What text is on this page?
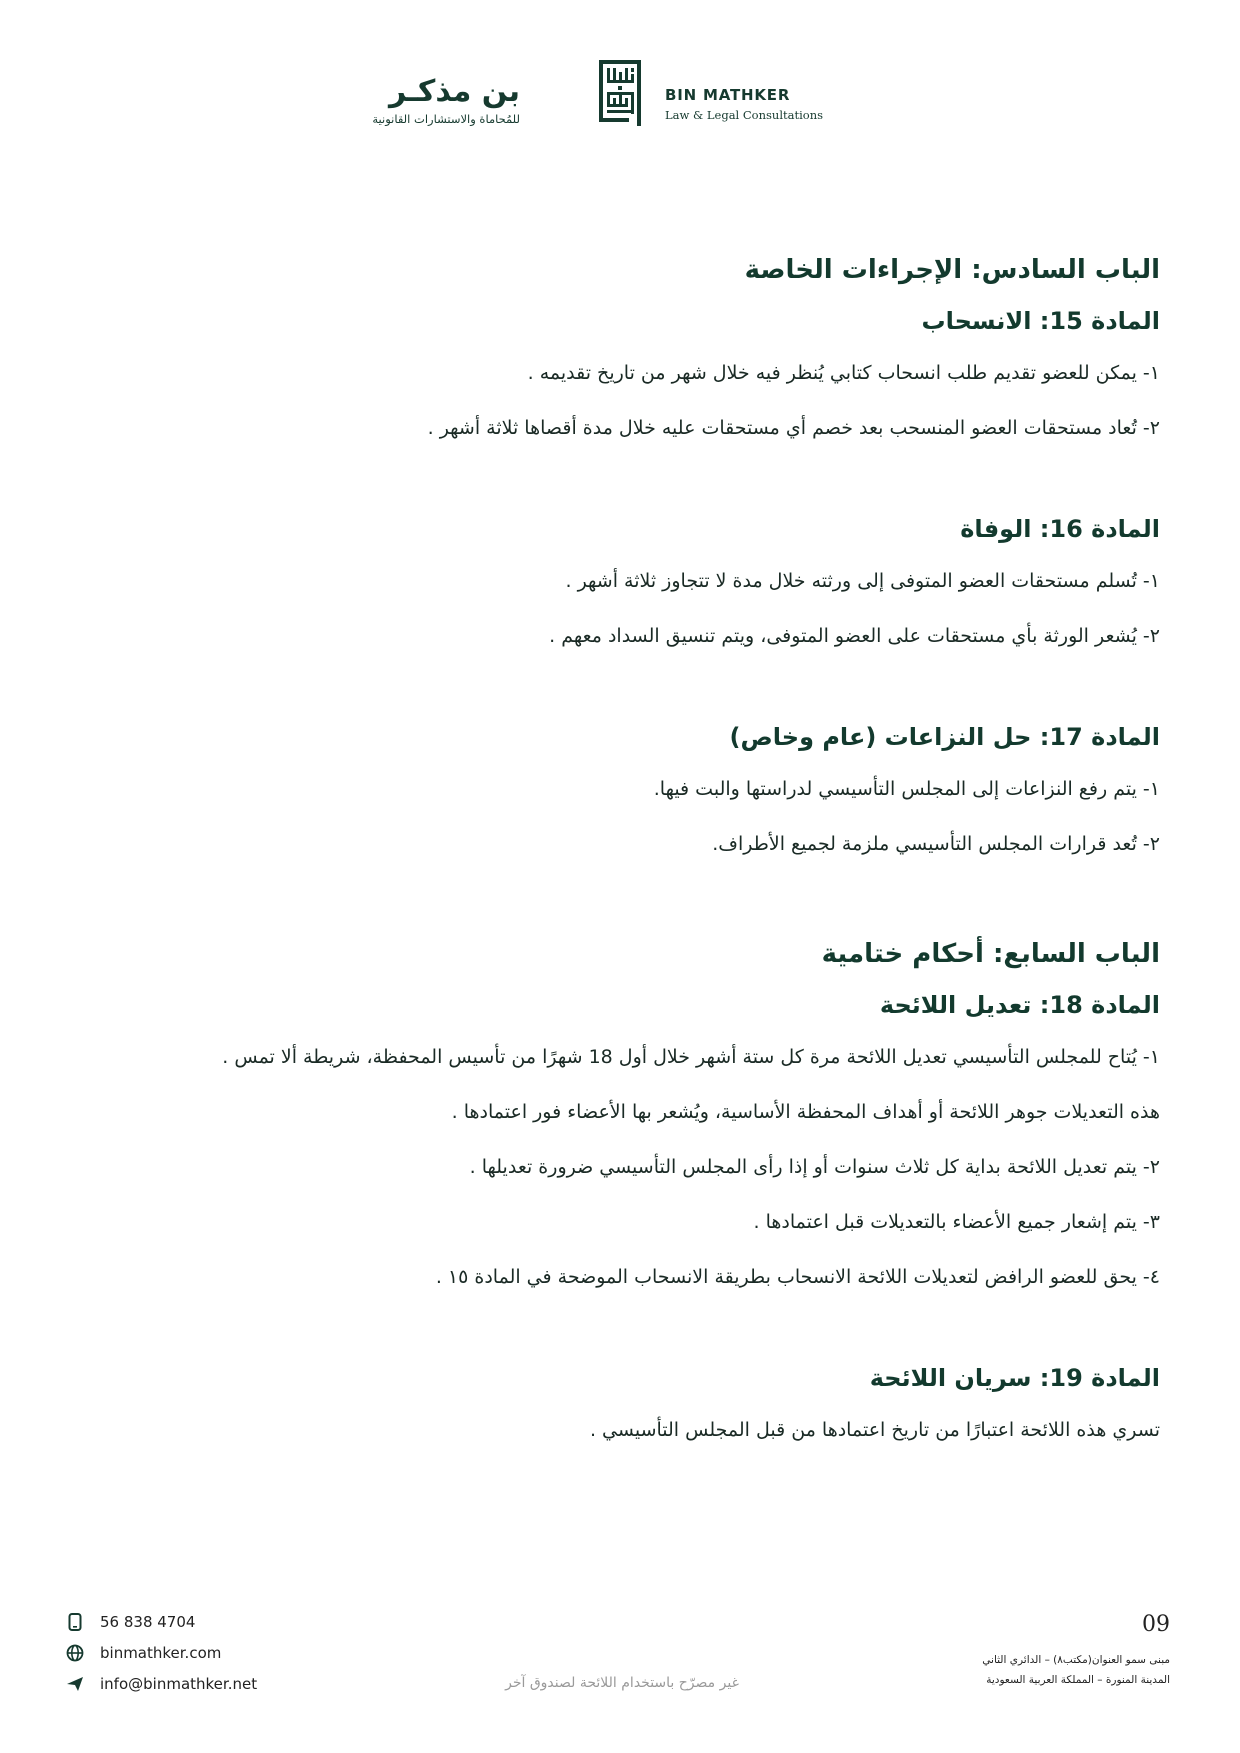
بن مذكـر
للمُحاماة والاستشارات القانونية
BIN MATHKER
Law & Legal Consultations
الباب السادس: الإجراءات الخاصة
المادة 15: الانسحاب

١- يمكن للعضو تقديم طلب انسحاب كتابي يُنظر فيه خلال شهر من تاريخ تقديمه .

٢- تُعاد مستحقات العضو المنسحب بعد خصم أي مستحقات عليه خلال مدة أقصاها ثلاثة أشهر .

المادة 16: الوفاة

١- تُسلم مستحقات العضو المتوفى إلى ورثته خلال مدة لا تتجاوز ثلاثة أشهر .

٢- يُشعر الورثة بأي مستحقات على العضو المتوفى، ويتم تنسيق السداد معهم .

المادة 17: حل النزاعات (عام وخاص)

١- يتم رفع النزاعات إلى المجلس التأسيسي لدراستها والبت فيها.

٢- تُعد قرارات المجلس التأسيسي ملزمة لجميع الأطراف.

الباب السابع: أحكام ختامية
المادة 18: تعديل اللائحة

١- يُتاح للمجلس التأسيسي تعديل اللائحة مرة كل ستة أشهر خلال أول 18 شهرًا من تأسيس المحفظة، شريطة ألا تمس .

هذه التعديلات جوهر اللائحة أو أهداف المحفظة الأساسية، ويُشعر بها الأعضاء فور اعتمادها .

٢- يتم تعديل اللائحة بداية كل ثلاث سنوات أو إذا رأى المجلس التأسيسي ضرورة تعديلها .

٣- يتم إشعار جميع الأعضاء بالتعديلات قبل اعتمادها .

٤- يحق للعضو الرافض لتعديلات اللائحة الانسحاب بطريقة الانسحاب الموضحة في المادة ١٥ .

المادة 19: سريان اللائحة

تسري هذه اللائحة اعتبارًا من تاريخ اعتمادها من قبل المجلس التأسيسي .

56 838 4704
binmathker.com
info@binmathker.net	غير مصرّح باستخدام اللائحة لصندوق آخر
09
مبنى سمو العنوان(مكتب٨) – الدائري الثاني
المدينة المنورة – المملكة العربية السعودية
